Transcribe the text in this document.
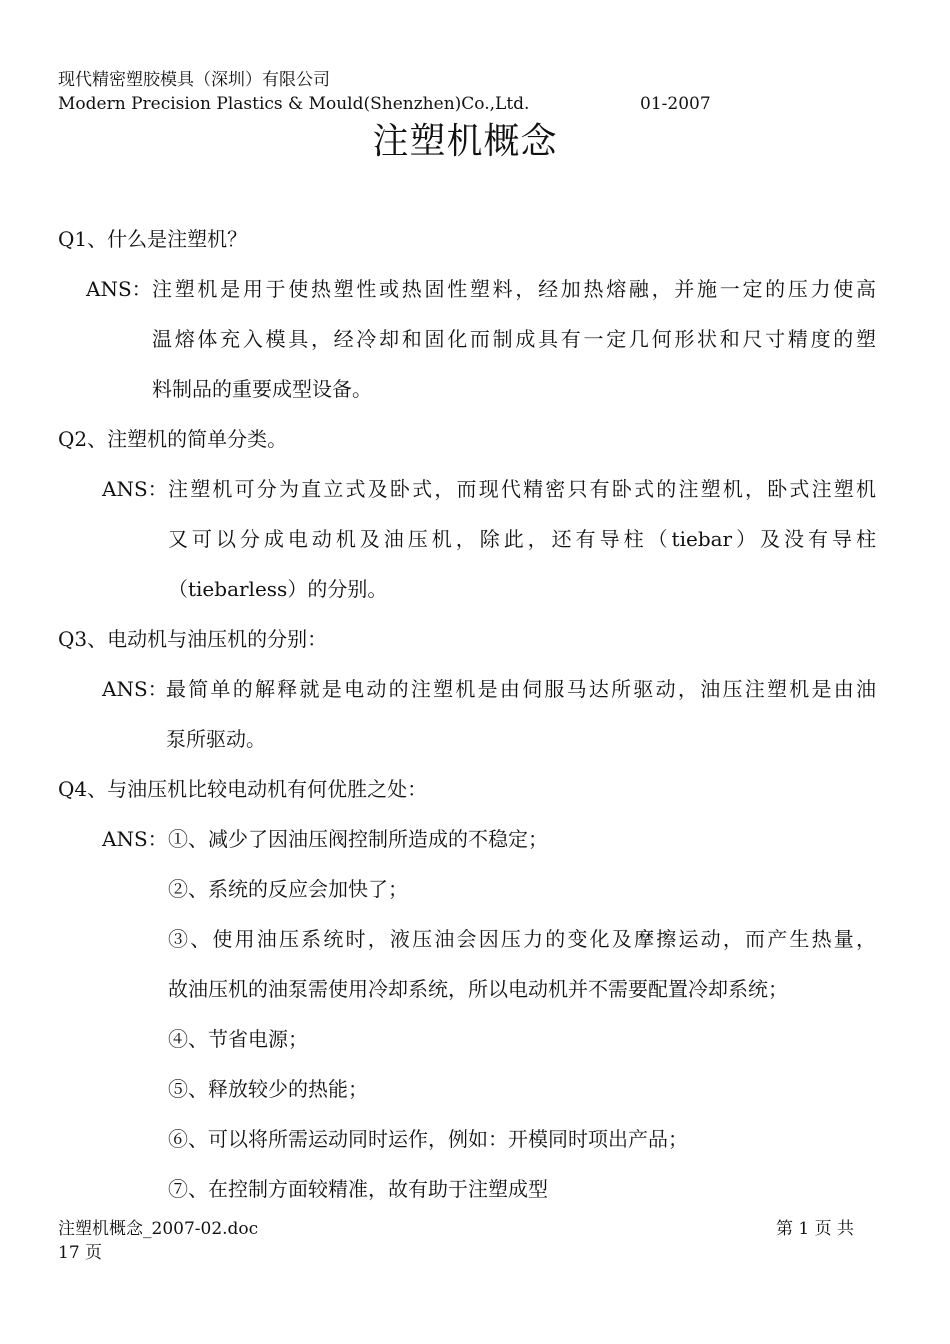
现代精密塑胶模具（深圳）有限公司
Modern Precision Plastics & Mould(Shenzhen)Co.,Ltd.	01-2007
注塑机概念
Q1、什么是注塑机？
ANS： 注塑机是用于使热塑性或热固性塑料，经加热熔融，并施一定的压力使高
温熔体充入模具，经冷却和固化而制成具有一定几何形状和尺寸精度的塑
料制品的重要成型设备。
Q2、注塑机的简单分类。
ANS： 注塑机可分为直立式及卧式，而现代精密只有卧式的注塑机，卧式注塑机
又可以分成电动机及油压机，除此，还有导柱（tiebar）及没有导柱
（tiebarless）的分别。
Q3、电动机与油压机的分别：
ANS：
最简单的解释就是电动的注塑机是由伺服马达所驱动，油压注塑机是由油
泵所驱动。
Q4、与油压机比较电动机有何优胜之处：
ANS： ①、减少了因油压阀控制所造成的不稳定；
②、系统的反应会加快了；
③、使用油压系统时，液压油会因压力的变化及摩擦运动，而产生热量，
故油压机的油泵需使用冷却系统，所以电动机并不需要配置冷却系统；
④、节省电源；
⑤、释放较少的热能；
⑥、可以将所需运动同时运作，例如：开模同时项出产品；
⑦、在控制方面较精准，故有助于注塑成型
注塑机概念_2007-02.doc	第 1 页 共
17 页
